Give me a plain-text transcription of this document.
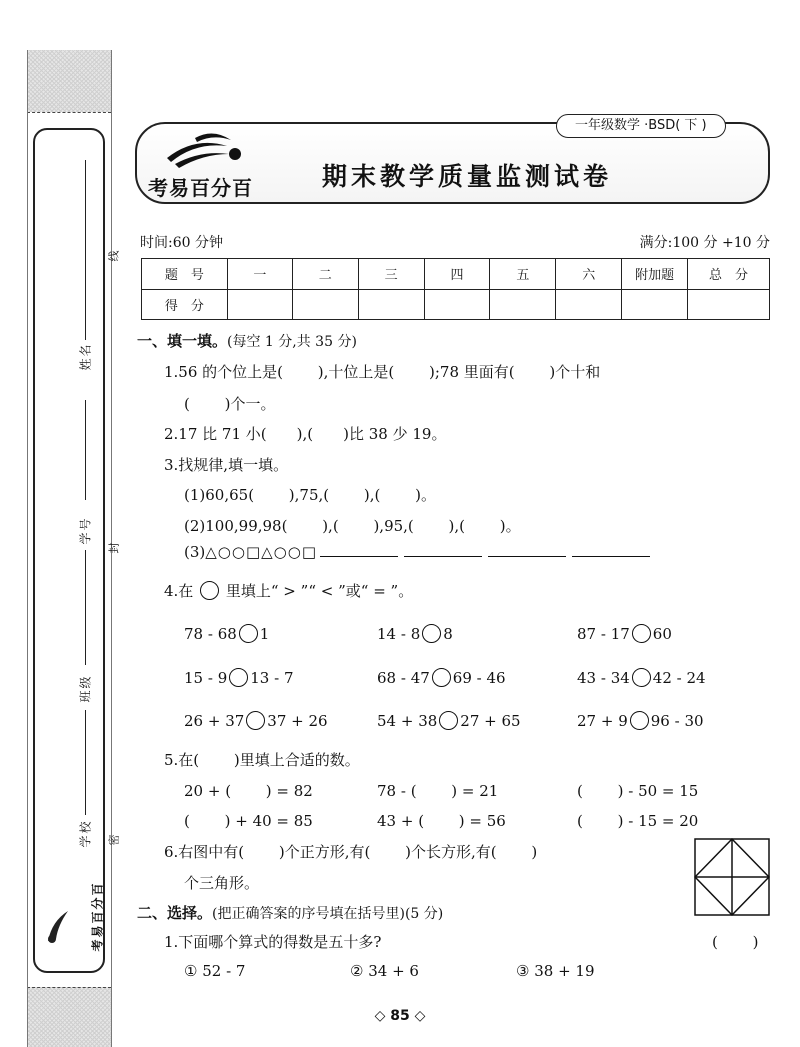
姓名
学号
班级
学校
考易百分百
线
封
密
考易百分百	期末教学质量监测试卷
一年级数学 ·BSD( 下 )
时间:60 分钟	满分:100 分 +10 分
题　号	一	二	三	四	五	六	附加题	总　分
得　分								
一、填一填。(每空 1 分,共 35 分)
1.56 的个位上是(　　 ),十位上是(　　 );78 里面有(　　 )个十和
(　　 )个一。
2.17 比 71 小(　　),(　　)比 38 少 19。
3.找规律,填一填。
(1)60,65(　　 ),75,(　　 ),(　　 )。
(2)100,99,98(　　 ),(　　 ),95,(　　 ),(　　 )。
(3)△○○□△○○□
4.在 里填上“ > ”“ < ”或“ = ”。
78 - 68 1	14 - 8 8	87 - 17 60
15 - 9 13 - 7	68 - 47 69 - 46	43 - 34 42 - 24
26 + 37 37 + 26	54 + 38 27 + 65	27 + 9 96 - 30
5.在(　　 )里填上合适的数。
20 + (　　 ) = 82	78 - (　　 ) = 21	(　　 ) - 50 = 15
(　　 ) + 40 = 85	43 + (　　 ) = 56	(　　 ) - 15 = 20
6.右图中有(　　 )个正方形,有(　　 )个长方形,有(　　 )
个三角形。
二、选择。(把正确答案的序号填在括号里)(5 分)
1.下面哪个算式的得数是五十多?	(　　 )
① 52 - 7	② 34 + 6	③ 38 + 19
◇ 85 ◇
